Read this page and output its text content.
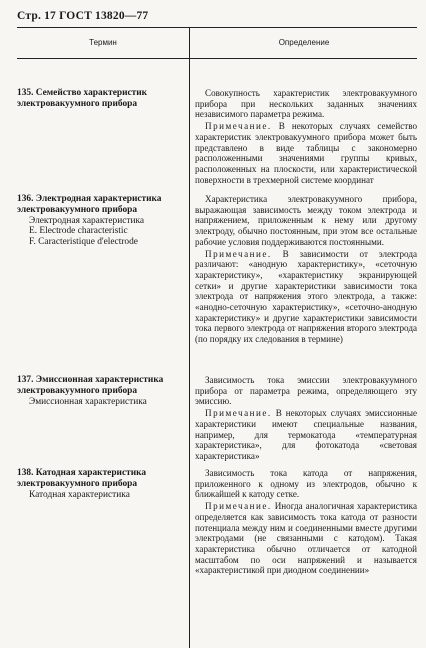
Стр. 17 ГОСТ 13820—77
Термин	Определение
135. Семейство характеристик электровакуумного прибора

Совокупность характеристик электровакуумного прибора при нескольких заданных значениях независимого параметра режима.

Примечание. В некоторых случаях семейство характеристик электровакуумного прибора может быть представлено в виде таблицы с закономерно расположенными значениями группы кривых, расположенных на плоскости, или характеристической поверхности в трехмерной системе координат

136. Электродная характеристика электровакуумного прибора
Электродная характеристика
E. Electrode characteristic
F. Caracteristique d'electrode

Характеристика электровакуумного прибора, выражающая зависимость между током электрода и напряжением, приложенным к нему или другому электроду, обычно постоянным, при этом все остальные рабочие условия поддерживаются постоянными.

Примечание. В зависимости от электрода различают: «анодную характеристику», «сеточную характеристику», «характеристику экранирующей сетки» и другие характеристики зависимости тока электрода от напряжения этого электрода, а также: «анодно-сеточную характеристику», «сеточно-анодную характеристику» и другие характеристики зависимости тока первого электрода от напряжения второго электрода (по порядку их следования в термине)

137. Эмиссионная характеристика электровакуумного прибора
Эмиссионная характеристика

Зависимость тока эмиссии электровакуумного прибора от параметра режима, определяющего эту эмиссию.

Примечание. В некоторых случаях эмиссионные характеристики имеют специальные названия, например, для термокатода «температурная характеристика», для фотокатода «световая характеристика»

138. Катодная характеристика электровакуумного прибора
Катодная характеристика

Зависимость тока катода от напряжения, приложенного к одному из электродов, обычно к ближайшей к катоду сетке.

Примечание. Иногда аналогичная характеристика определяется как зависимость тока катода от разности потенциала между ним и соединенными вместе другими электродами (не связанными с катодом). Такая характеристика обычно отличается от катодной масштабом по оси напряжений и называется «характеристикой при диодном соединении»
